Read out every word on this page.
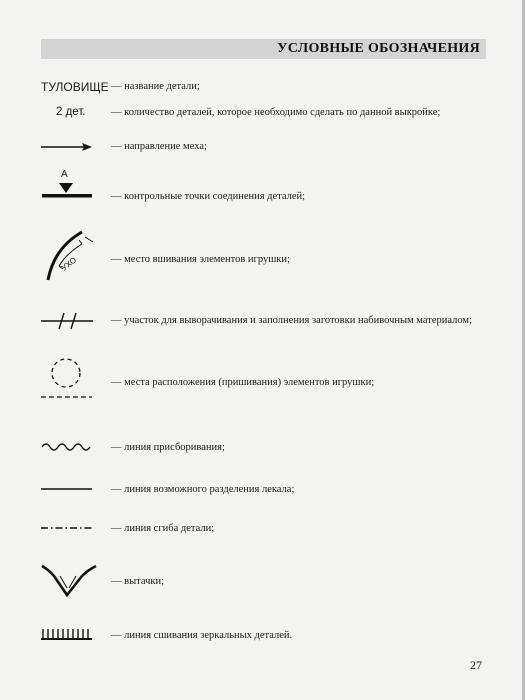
УСЛОВНЫЕ ОБОЗНАЧЕНИЯ
ТУЛОВИЩЕ — название детали;
2 дет. — количество деталей, которое необходимо сделать по данной выкройке;
— направление меха;
А
— контрольные точки соединения деталей;
УХО	— место вшивания элементов игрушки;
— участок для выворачивания и заполнения заготовки набивочным материалом;
— места расположения (пришивания) элементов игрушки;
— линия присборивания;
— линия возможного разделения лекала;
— линия сгиба детали;
— вытачки;
— линия сшивания зеркальных деталей.
27
